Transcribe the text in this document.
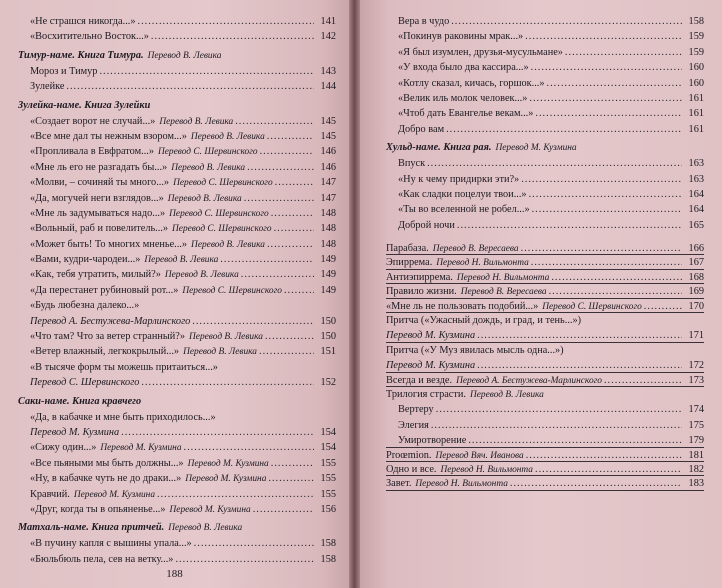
«Не страшся никогда...» .....	141
«Восхитительно Восток...» .....	142
Тимур-наме. Книга Тимура. Перевод В. Левика
Мороз и Тимур .....	143
Зулейке .....	144
Зулейка-наме. Книга Зулейки
«Создает ворот не случай...» Перевод В. Левика .....	145
«Все мне дал ты нежным взором...» Перевод В. Левика .....	145
«Пропливала в Евфратом...» Перевод С. Шервинского .....	146
«Мне ль его не разгадать бы...» Перевод В. Левика .....	146
«Молви, – сочиняй ты много...» Перевод С. Шервинского .....	147
«Да, могучей неги взглядов...» Перевод В. Левика .....	147
«Мне ль задумываться надо...» Перевод С. Шервинского .....	148
«Вольный, раб и повелитель...» Перевод С. Шервинского .....	148
«Может быть! То многих мненье...» Перевод В. Левика .....	148
«Вами, кудри-чародеи...» Перевод В. Левика .....	149
«Как, тебя утратить, милый?» Перевод В. Левика .....	149
«Да перестанет рубиновый рот...» Перевод С. Шервинского .....	149
«Будь любезна далеко...»
Перевод А. Бестужева-Марлинского .....	150
«Что там? Что за ветер странный?» Перевод В. Левика .....	150
«Ветер влажный, легкокрылый...» Перевод В. Левика .....	151
«В тысяче форм ты можешь притаиться...»
Перевод С. Шервинского .....	152
Саки-наме. Книга кравчего
«Да, в кабачке и мне быть приходилось...»
Перевод М. Кузмина .....	154
«Сижу один...» Перевод М. Кузмина .....	154
«Все пьяными мы быть должны...» Перевод М. Кузмина .....	155
«Ну, в кабачке чуть не до драки...» Перевод М. Кузмина .....	155
Кравчий. Перевод М. Кузмина .....	155
«Друг, когда ты в опьяненье...» Перевод М. Кузмина .....	156
Матхаль-наме. Книга притчей. Перевод В. Левика
«В пучину капля с вышины упала...» .....	158
«Бюльбюль пела, сев на ветку...» .....	158
188
Вера в чудо .....	158
«Покинув раковины мрак...» .....	159
«Я был изумлен, друзья-мусульмане» .....	159
«У входа было два кассира...» .....	160
«Котлу сказал, кичась, горшок...» .....	160
«Велик иль молок человек...» .....	161
«Чтоб дать Евангелье векам...» .....	161
Добро вам .....	161
Хульд-наме. Книга рая. Перевод М. Кузмина
Впуск .....	163
«Ну к чему придирки эти?» .....	163
«Как сладки поцелуи твои...» .....	164
«Ты во вселенной не робел...» .....	164
Доброй ночи .....	165
Парабаза. Перевод В. Вересаева .....	166
Эпиррема. Перевод Н. Вильмонта .....	167
Антиэпиррема. Перевод Н. Вильмонта .....	168
Правило жизни. Перевод В. Вересаева .....	169
«Мне ль не пользовать подобий...» Перевод С. Шервинского .....	170
Притча («Ужасный дождь, и град, и тень...»)
Перевод М. Кузмина .....	171
Притча («У Муз явилась мысль одна...»)
Перевод М. Кузмина .....	172
Всегда и везде. Перевод А. Бестужева-Марлинского .....	173
Трилогия страсти. Перевод В. Левика
Вертеру .....	174
Элегия .....	175
Умиротворение .....	179
Proœmion. Перевод Вяч. Иванова .....	181
Одно и все. Перевод Н. Вильмонта .....	182
Завет. Перевод Н. Вильмонта .....	183
